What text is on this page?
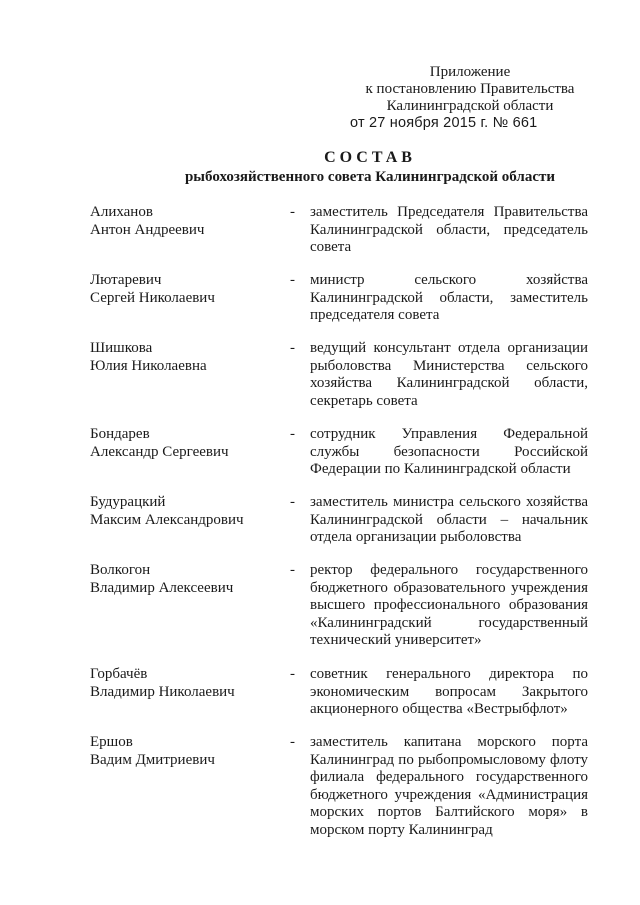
Приложение
к постановлению Правительства
Калининградской области
от 27 ноября 2015 г. № 661
СОСТАВ
рыбохозяйственного совета Калининградской области
Алиханов
Антон Андреевич
- заместитель Председателя Правительства
Калининградской области, председатель
совета
Лютаревич
Сергей Николаевич
- министр сельского хозяйства
Калининградской области, заместитель
председателя совета
Шишкова
Юлия Николаевна
- ведущий консультант отдела организации
рыболовства Министерства сельского
хозяйства Калининградской области,
секретарь совета
Бондарев
Александр Сергеевич
- сотрудник Управления Федеральной
службы безопасности Российской
Федерации по Калининградской области
Будурацкий
Максим Александрович
- заместитель министра сельского хозяйства
Калининградской области – начальник
отдела организации рыболовства
Волкогон
Владимир Алексеевич
- ректор федерального государственного
бюджетного образовательного учреждения
высшего профессионального образования
«Калининградский государственный
технический университет»
Горбачёв
Владимир Николаевич
- советник генерального директора по
экономическим вопросам Закрытого
акционерного общества «Вестрыбфлот»
Ершов
Вадим Дмитриевич
- заместитель капитана морского порта
Калининград по рыбопромысловому флоту
филиала федерального государственного
бюджетного учреждения «Администрация
морских портов Балтийского моря» в
морском порту Калининград
